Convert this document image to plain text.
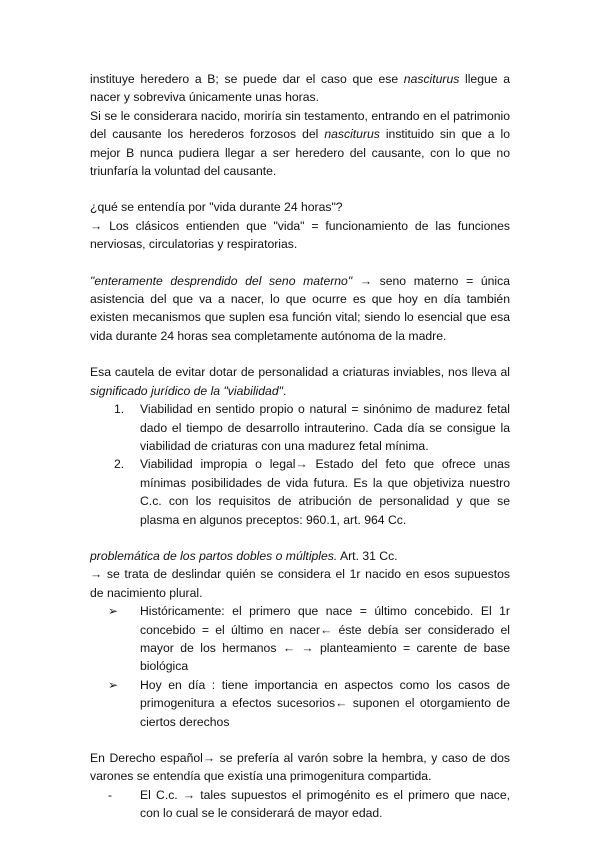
instituye heredero a B; se puede dar el caso que ese nasciturus llegue a nacer y sobreviva únicamente unas horas.

Si se le considerara nacido, moriría sin testamento, entrando en el patrimonio del causante los herederos forzosos del nasciturus instituido sin que a lo mejor B nunca pudiera llegar a ser heredero del causante, con lo que no triunfaría la voluntad del causante.

¿qué se entendía por "vida durante 24 horas"?

→ Los clásicos entienden que "vida" = funcionamiento de las funciones nerviosas, circulatorias y respiratorias.

"enteramente desprendido del seno materno" → seno materno = única asistencia del que va a nacer, lo que ocurre es que hoy en día también existen mecanismos que suplen esa función vital; siendo lo esencial que esa vida durante 24 horas sea completamente autónoma de la madre.

Esa cautela de evitar dotar de personalidad a criaturas inviables, nos lleva al significado jurídico de la "viabilidad".

1. Viabilidad en sentido propio o natural = sinónimo de madurez fetal dado el tiempo de desarrollo intrauterino. Cada día se consigue la viabilidad de criaturas con una madurez fetal mínima.
2. Viabilidad impropia o legal→ Estado del feto que ofrece unas mínimas posibilidades de vida futura. Es la que objetiviza nuestro C.c. con los requisitos de atribución de personalidad y que se plasma en algunos preceptos: 960.1, art. 964 Cc.

problemática de los partos dobles o múltiples. Art. 31 Cc.

→ se trata de deslindar quién se considera el 1r nacido en esos supuestos de nacimiento plural.

➢ Históricamente: el primero que nace = último concebido. El 1r concebido = el último en nacer← éste debía ser considerado el mayor de los hermanos ← → planteamiento = carente de base biológica
➢ Hoy en día : tiene importancia en aspectos como los casos de primogenitura a efectos sucesorios← suponen el otorgamiento de ciertos derechos

En Derecho español→ se prefería al varón sobre la hembra, y caso de dos varones se entendía que existía una primogenitura compartida.

- El C.c. → tales supuestos el primogénito es el primero que nace, con lo cual se le considerará de mayor edad.
